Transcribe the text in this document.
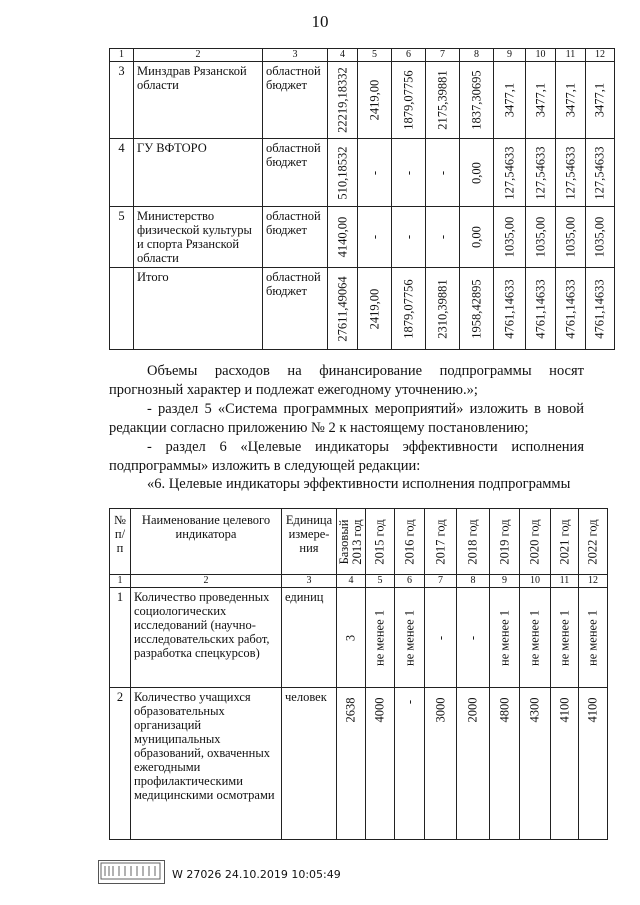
10
1	2	3	4	5	6	7	8	9	10	11	12
3	Минздрав Рязанской области	областной бюджет	22219,18332	2419,00	1879,07756	2175,39881	1837,30695	3477,1	3477,1	3477,1	3477,1

4	ГУ ВФТОРО	областной бюджет	510,18532	-	-	-	0,00	127,54633	127,54633	127,54633	127,54633

5	Министерство физической культуры и спорта Рязанской области	областной бюджет	4140,00	-	-	-	0,00	1035,00	1035,00	1035,00	1035,00

	Итого	областной бюджет	27611,49064	2419,00	1879,07756	2310,39881	1958,42895	4761,14633	4761,14633	4761,14633	4761,14633
Объемы расходов на финансирование подпрограммы носят прогнозный характер и подлежат ежегодному уточнению.»;
- раздел 5 «Система программных мероприятий» изложить в новой редакции согласно приложению № 2 к настоящему постановлению;
- раздел 6 «Целевые индикаторы эффективности исполнения подпрограммы» изложить в следующей редакции:
«6. Целевые индикаторы эффективности исполнения подпрограммы
№ п/п	Наименование целевого индикатора	Единица измере-ния	Базовый 2013 год	2015 год	2016 год	2017 год	2018 год	2019 год	2020 год	2021 год	2022 год

1	2	3	4	5	6	7	8	9	10	11	12
1	Количество проведенных социологических исследований (научно-исследовательских работ, разработка спецкурсов)	единиц	3	не менее 1	не менее 1	-	-	не менее 1	не менее 1	не менее 1	не менее 1

2	Количество учащихся образовательных организаций муниципальных образований, охваченных ежегодными профилактическими медицинскими осмотрами	человек	2638	4000	-	3000	2000	4800	4300	4100	4100
W 27026 24.10.2019 10:05:49
